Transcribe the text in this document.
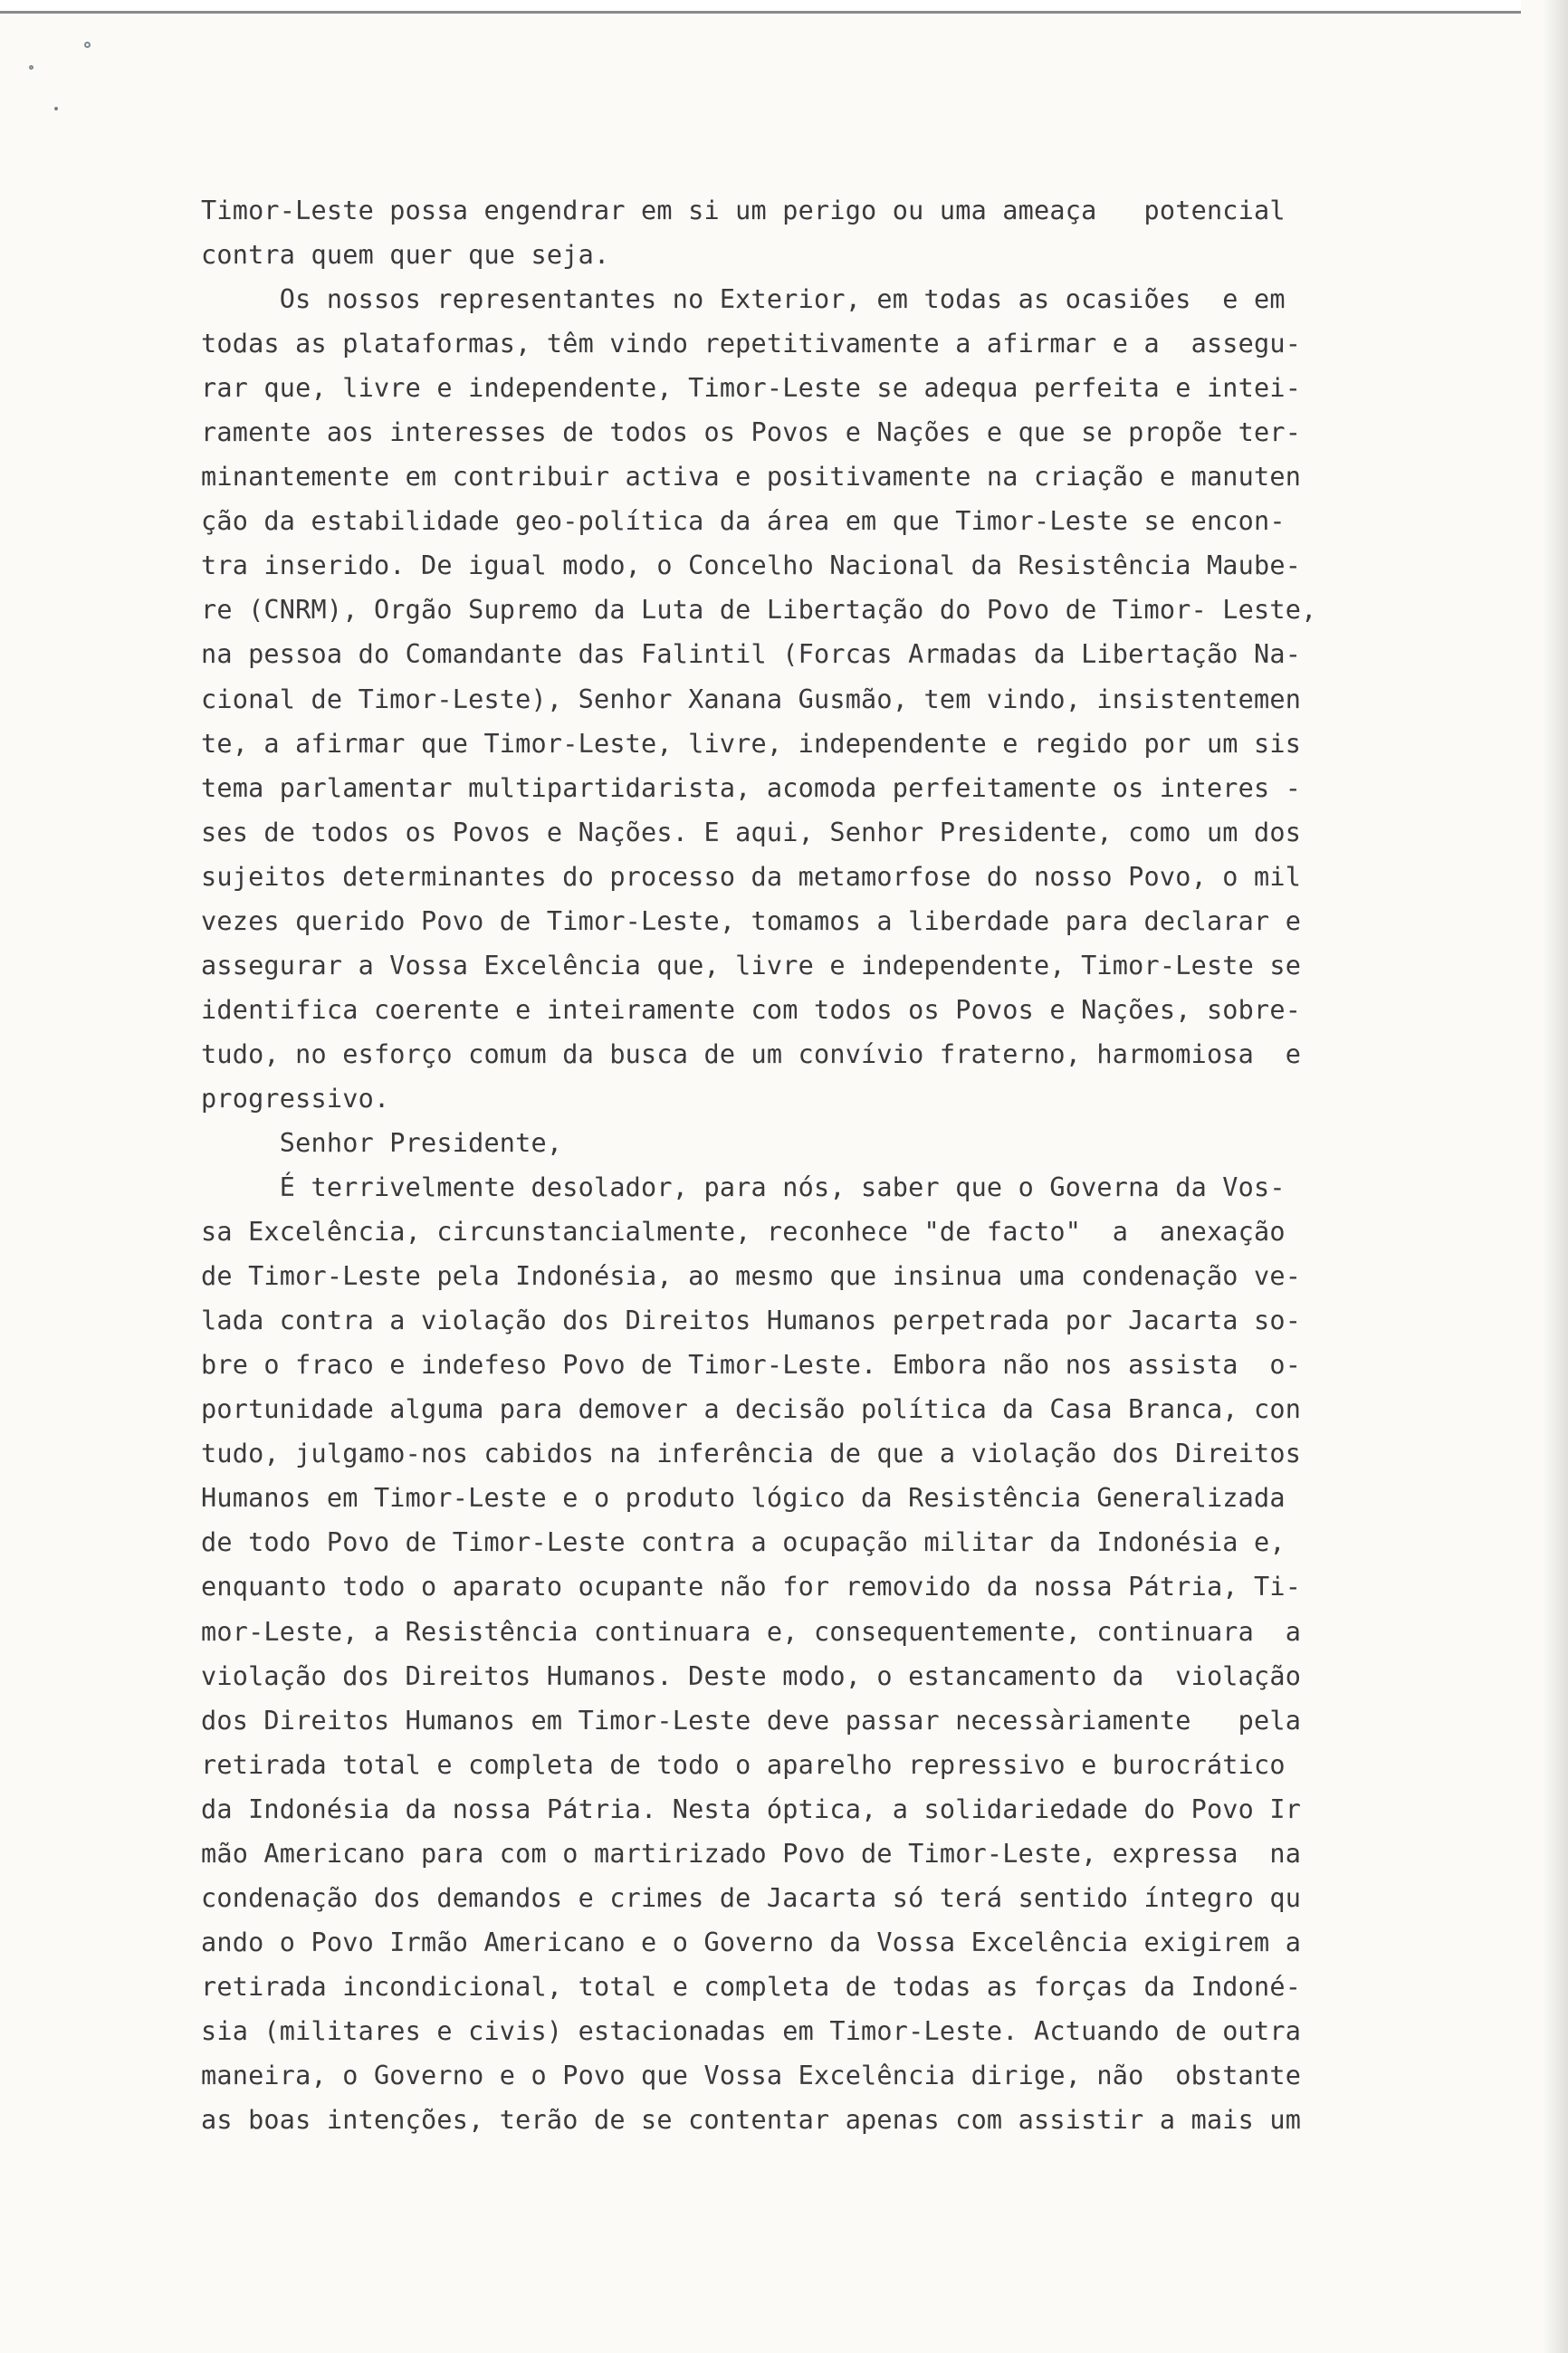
Timor-Leste possa engendrar em si um perigo ou uma ameaça   potencial
contra quem quer que seja.
Os nossos representantes no Exterior, em todas as ocasiões  e em
todas as plataformas, têm vindo repetitivamente a afirmar e a  assegu-
rar que, livre e independente, Timor-Leste se adequa perfeita e intei-
ramente aos interesses de todos os Povos e Nações e que se propõe ter-
minantemente em contribuir activa e positivamente na criação e manuten
ção da estabilidade geo-política da área em que Timor-Leste se encon-
tra inserido. De igual modo, o Concelho Nacional da Resistência Maube-
re (CNRM), Orgão Supremo da Luta de Libertação do Povo de Timor- Leste,
na pessoa do Comandante das Falintil (Forcas Armadas da Libertação Na-
cional de Timor-Leste), Senhor Xanana Gusmão, tem vindo, insistentemen
te, a afirmar que Timor-Leste, livre, independente e regido por um sis
tema parlamentar multipartidarista, acomoda perfeitamente os interes -
ses de todos os Povos e Nações. E aqui, Senhor Presidente, como um dos
sujeitos determinantes do processo da metamorfose do nosso Povo, o mil
vezes querido Povo de Timor-Leste, tomamos a liberdade para declarar e
assegurar a Vossa Excelência que, livre e independente, Timor-Leste se
identifica coerente e inteiramente com todos os Povos e Nações, sobre-
tudo, no esforço comum da busca de um convívio fraterno, harmomiosa  e
progressivo.
Senhor Presidente,
É terrivelmente desolador, para nós, saber que o Governa da Vos-
sa Excelência, circunstancialmente, reconhece "de facto"  a  anexação
de Timor-Leste pela Indonésia, ao mesmo que insinua uma condenação ve-
lada contra a violação dos Direitos Humanos perpetrada por Jacarta so-
bre o fraco e indefeso Povo de Timor-Leste. Embora não nos assista  o-
portunidade alguma para demover a decisão política da Casa Branca, con
tudo, julgamo-nos cabidos na inferência de que a violação dos Direitos
Humanos em Timor-Leste e o produto lógico da Resistência Generalizada
de todo Povo de Timor-Leste contra a ocupação militar da Indonésia e,
enquanto todo o aparato ocupante não for removido da nossa Pátria, Ti-
mor-Leste, a Resistência continuara e, consequentemente, continuara  a
violação dos Direitos Humanos. Deste modo, o estancamento da  violação
dos Direitos Humanos em Timor-Leste deve passar necessàriamente   pela
retirada total e completa de todo o aparelho repressivo e burocrático
da Indonésia da nossa Pátria. Nesta óptica, a solidariedade do Povo Ir
mão Americano para com o martirizado Povo de Timor-Leste, expressa  na
condenação dos demandos e crimes de Jacarta só terá sentido íntegro qu
ando o Povo Irmão Americano e o Governo da Vossa Excelência exigirem a
retirada incondicional, total e completa de todas as forças da Indoné-
sia (militares e civis) estacionadas em Timor-Leste. Actuando de outra
maneira, o Governo e o Povo que Vossa Excelência dirige, não  obstante
as boas intenções, terão de se contentar apenas com assistir a mais um
